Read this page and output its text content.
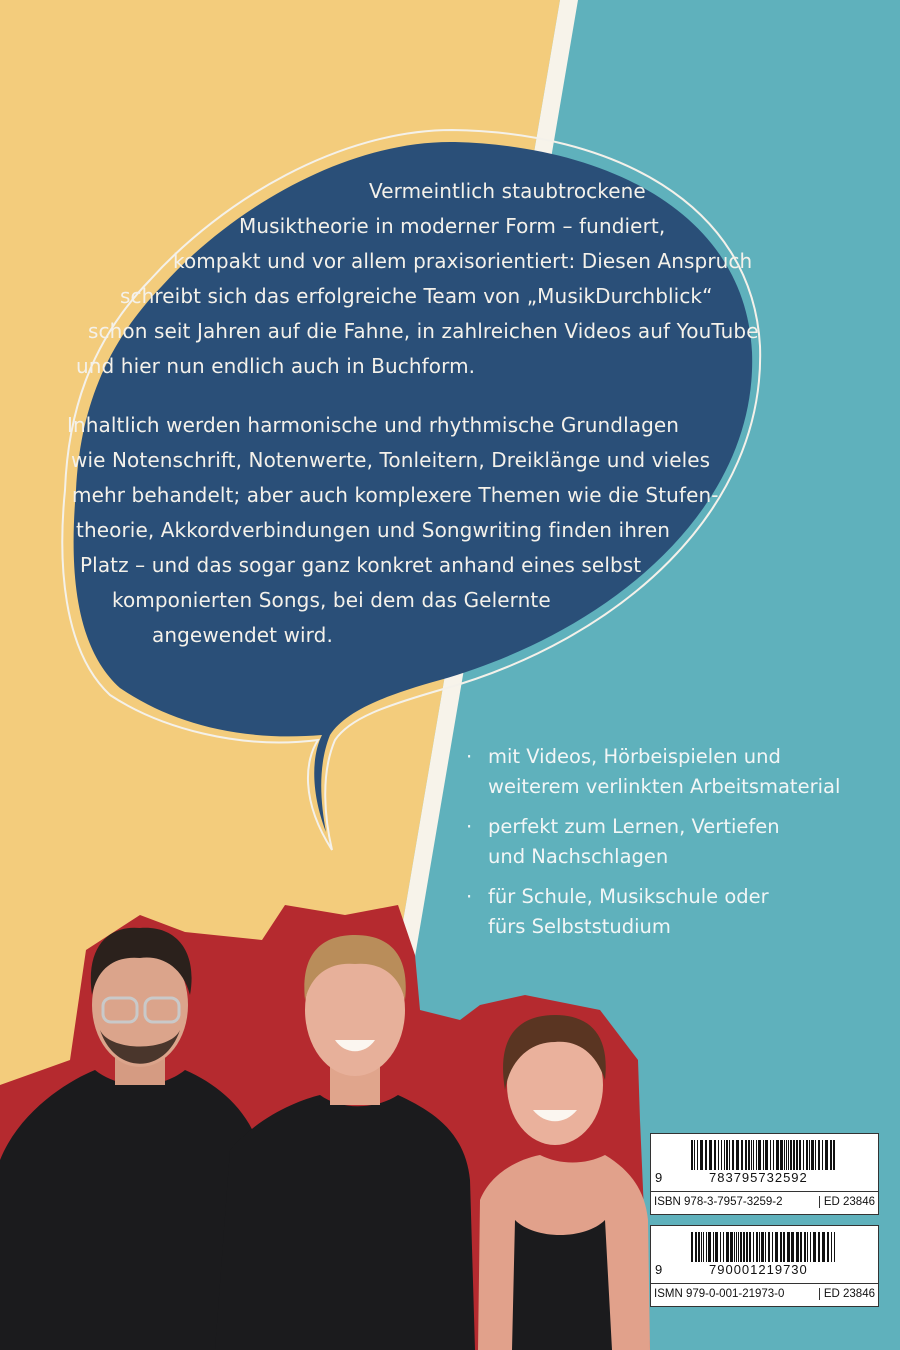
Vermeintlich staubtrockene
Musiktheorie in moderner Form – fundiert,
kompakt und vor allem praxisorientiert: Diesen Anspruch
schreibt sich das erfolgreiche Team von „MusikDurchblick“
schon seit Jahren auf die Fahne, in zahlreichen Videos auf YouTube
und hier nun endlich auch in Buchform.
Inhaltlich werden harmonische und rhythmische Grundlagen
wie Notenschrift, Notenwerte, Tonleitern, Dreiklänge und vieles
mehr behandelt; aber auch komplexere Themen wie die Stufen-
theorie, Akkordverbindungen und Songwriting finden ihren
Platz – und das sogar ganz konkret anhand eines selbst
komponierten Songs, bei dem das Gelernte
angewendet wird.
· mit Videos, Hörbeispielen und
weiterem verlinkten Arbeitsmaterial
· perfekt zum Lernen, Vertiefen
und Nachschlagen
· für Schule, Musikschule oder
fürs Selbststudium
9	783795732592
ISBN 978-3-7957-3259-2	ED 23846
9	790001219730
ISMN 979-0-001-21973-0	ED 23846
